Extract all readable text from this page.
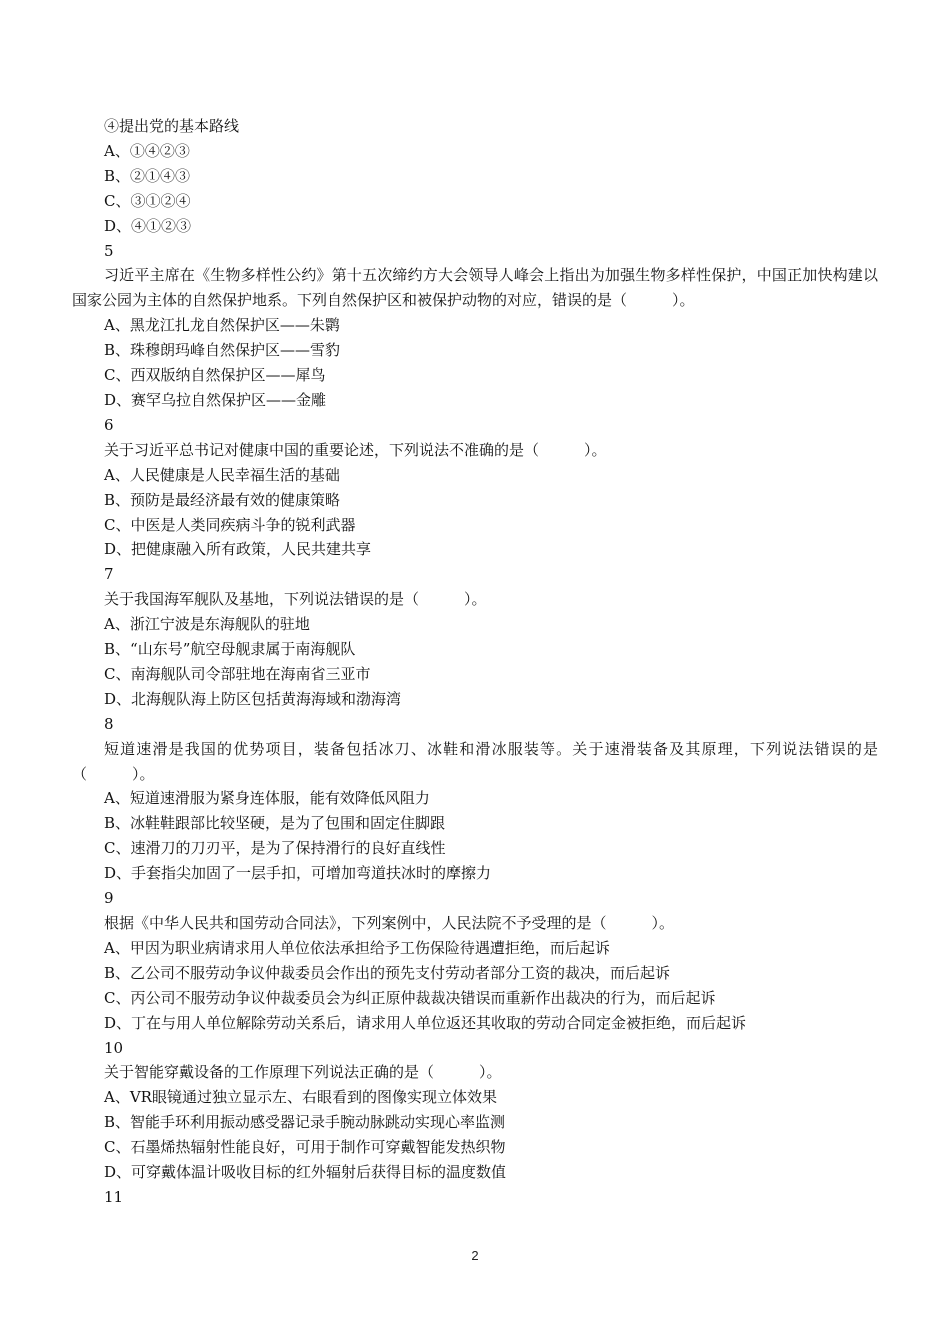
④提出党的基本路线
A、①④②③
B、②①④③
C、③①②④
D、④①②③
5
习近平主席在《生物多样性公约》第十五次缔约方大会领导人峰会上指出为加强生物多样性保护，中国正加快构建以国家公园为主体的自然保护地系。下列自然保护区和被保护动物的对应，错误的是（　　　）。
A、黑龙江扎龙自然保护区——朱鹮
B、珠穆朗玛峰自然保护区——雪豹
C、西双版纳自然保护区——犀鸟
D、赛罕乌拉自然保护区——金雕
6
关于习近平总书记对健康中国的重要论述，下列说法不准确的是（　　　）。
A、人民健康是人民幸福生活的基础
B、预防是最经济最有效的健康策略
C、中医是人类同疾病斗争的锐利武器
D、把健康融入所有政策，人民共建共享
7
关于我国海军舰队及基地，下列说法错误的是（　　　）。
A、浙江宁波是东海舰队的驻地
B、“山东号”航空母舰隶属于南海舰队
C、南海舰队司令部驻地在海南省三亚市
D、北海舰队海上防区包括黄海海域和渤海湾
8
短道速滑是我国的优势项目，装备包括冰刀、冰鞋和滑冰服装等。关于速滑装备及其原理，下列说法错误的是（　　　）。
A、短道速滑服为紧身连体服，能有效降低风阻力
B、冰鞋鞋跟部比较坚硬，是为了包围和固定住脚跟
C、速滑刀的刀刃平，是为了保持滑行的良好直线性
D、手套指尖加固了一层手扣，可增加弯道扶冰时的摩擦力
9
根据《中华人民共和国劳动合同法》，下列案例中，人民法院不予受理的是（　　　）。
A、甲因为职业病请求用人单位依法承担给予工伤保险待遇遭拒绝，而后起诉
B、乙公司不服劳动争议仲裁委员会作出的预先支付劳动者部分工资的裁决，而后起诉
C、丙公司不服劳动争议仲裁委员会为纠正原仲裁裁决错误而重新作出裁决的行为，而后起诉
D、丁在与用人单位解除劳动关系后，请求用人单位返还其收取的劳动合同定金被拒绝，而后起诉
10
关于智能穿戴设备的工作原理下列说法正确的是（　　　）。
A、VR眼镜通过独立显示左、右眼看到的图像实现立体效果
B、智能手环利用振动感受器记录手腕动脉跳动实现心率监测
C、石墨烯热辐射性能良好，可用于制作可穿戴智能发热织物
D、可穿戴体温计吸收目标的红外辐射后获得目标的温度数值
11
2
